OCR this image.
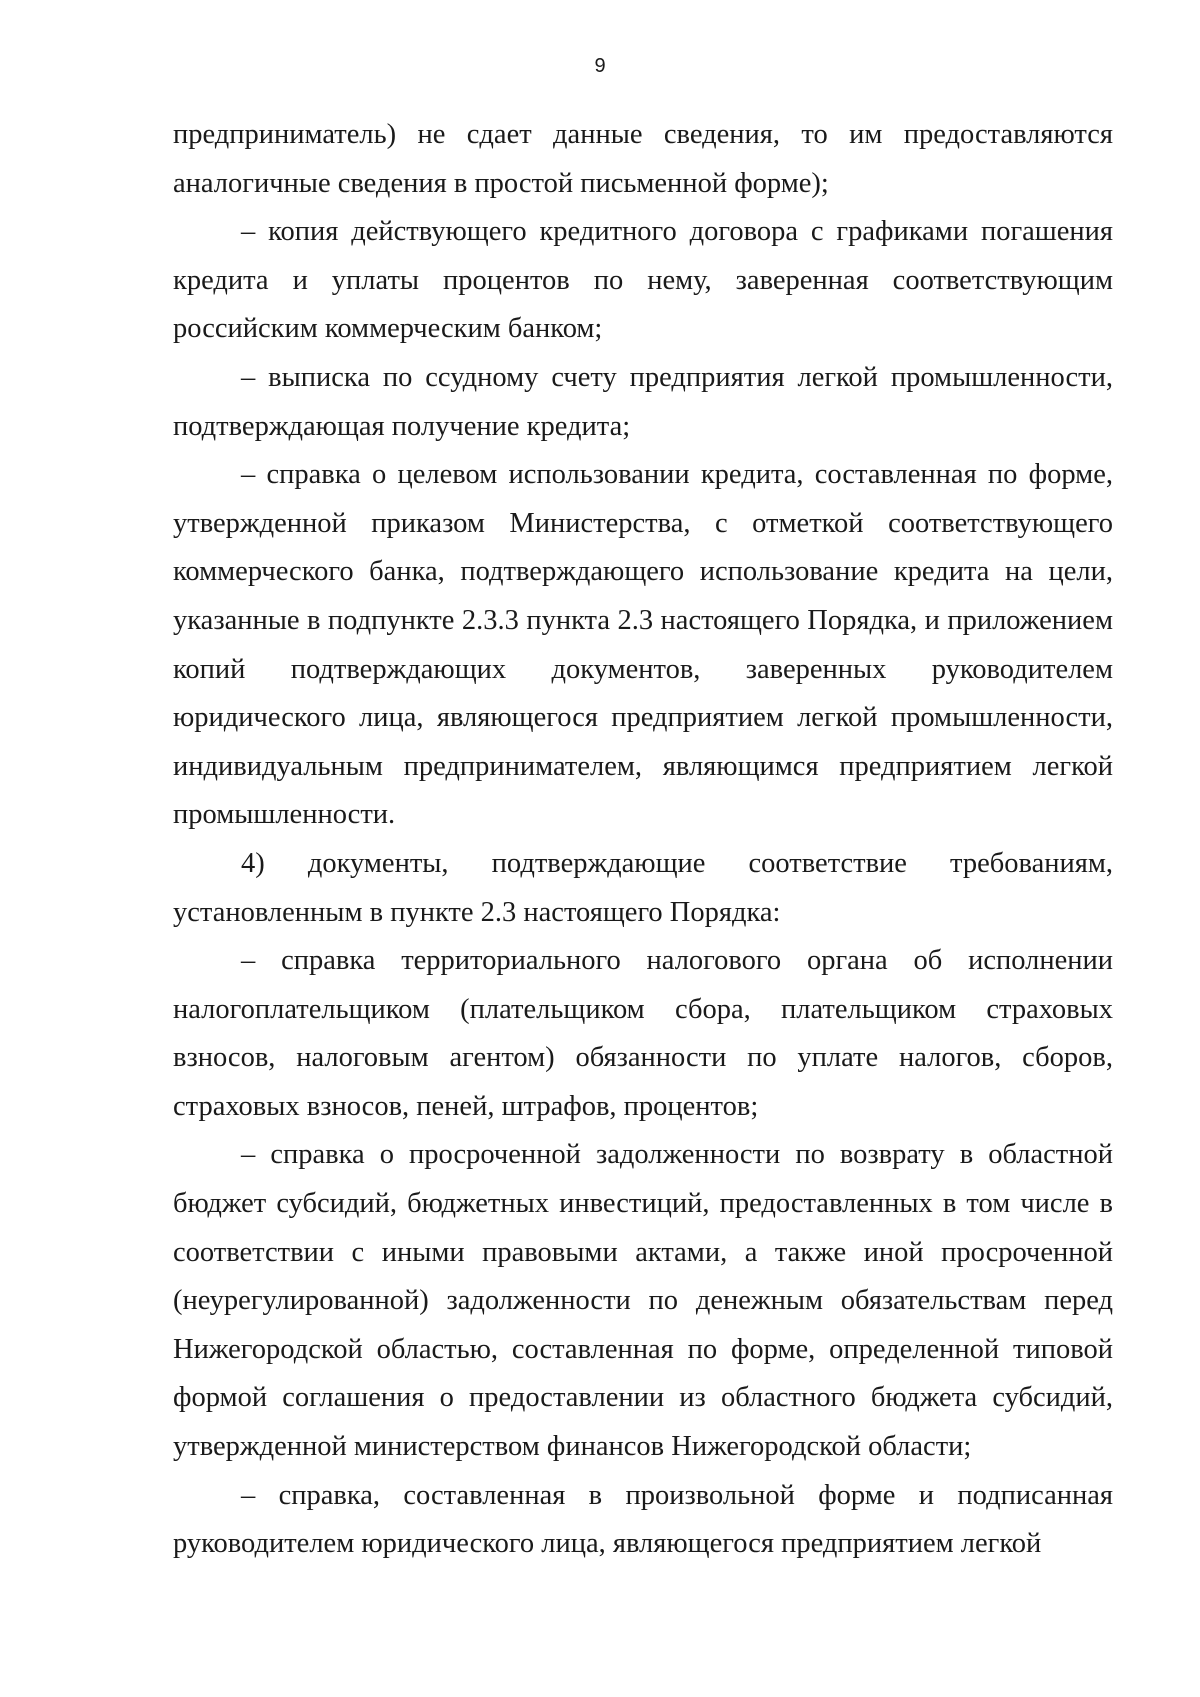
9

предприниматель) не сдает данные сведения, то им предоставляются аналогичные сведения в простой письменной форме);

– копия действующего кредитного договора с графиками погашения кредита и уплаты процентов по нему, заверенная соответствующим российским коммерческим банком;

– выписка по ссудному счету предприятия легкой промышленности, подтверждающая получение кредита;

– справка о целевом использовании кредита, составленная по форме, утвержденной приказом Министерства, с отметкой соответствующего коммерческого банка, подтверждающего использование кредита на цели, указанные в подпункте 2.3.3 пункта 2.3 настоящего Порядка, и приложением копий подтверждающих документов, заверенных руководителем юридического лица, являющегося предприятием легкой промышленности, индивидуальным предпринимателем, являющимся предприятием легкой промышленности.

4) документы, подтверждающие соответствие требованиям, установленным в пункте 2.3 настоящего Порядка:

– справка территориального налогового органа об исполнении налогоплательщиком (плательщиком сбора, плательщиком страховых взносов, налоговым агентом) обязанности по уплате налогов, сборов, страховых взносов, пеней, штрафов, процентов;

– справка о просроченной задолженности по возврату в областной бюджет субсидий, бюджетных инвестиций, предоставленных в том числе в соответствии с иными правовыми актами, а также иной просроченной (неурегулированной) задолженности по денежным обязательствам перед Нижегородской областью, составленная по форме, определенной типовой формой соглашения о предоставлении из областного бюджета субсидий, утвержденной министерством финансов Нижегородской области;

– справка, составленная в произвольной форме и подписанная руководителем юридического лица, являющегося предприятием легкой
